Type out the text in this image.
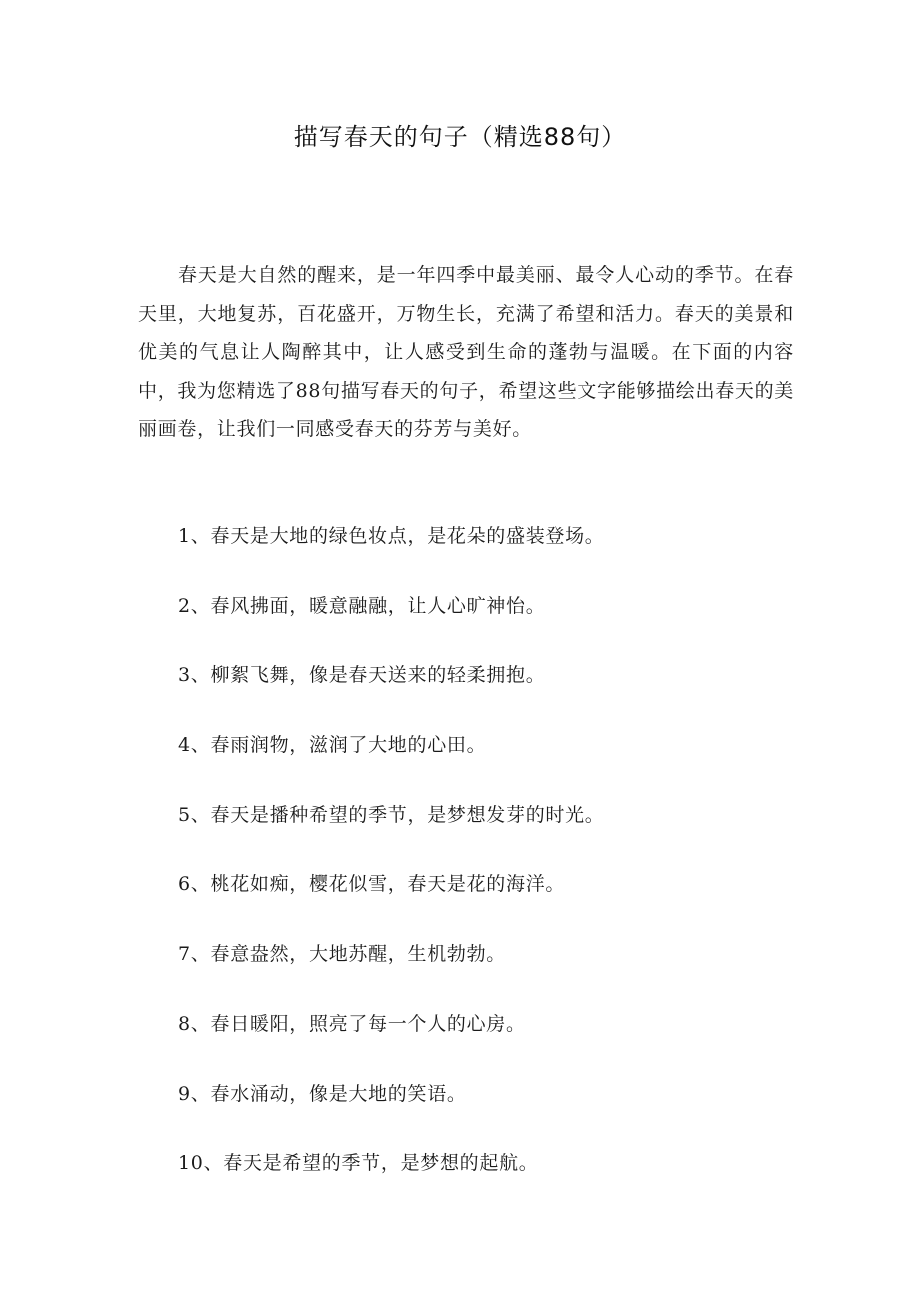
描写春天的句子（精选88句）

春天是大自然的醒来，是一年四季中最美丽、最令人心动的季节。在春天里，大地复苏，百花盛开，万物生长，充满了希望和活力。春天的美景和优美的气息让人陶醉其中，让人感受到生命的蓬勃与温暖。在下面的内容中，我为您精选了88句描写春天的句子，希望这些文字能够描绘出春天的美丽画卷，让我们一同感受春天的芬芳与美好。

1、春天是大地的绿色妆点，是花朵的盛装登场。
2、春风拂面，暖意融融，让人心旷神怡。
3、柳絮飞舞，像是春天送来的轻柔拥抱。
4、春雨润物，滋润了大地的心田。
5、春天是播种希望的季节，是梦想发芽的时光。
6、桃花如痴，樱花似雪，春天是花的海洋。
7、春意盎然，大地苏醒，生机勃勃。
8、春日暖阳，照亮了每一个人的心房。
9、春水涌动，像是大地的笑语。
10、春天是希望的季节，是梦想的起航。
